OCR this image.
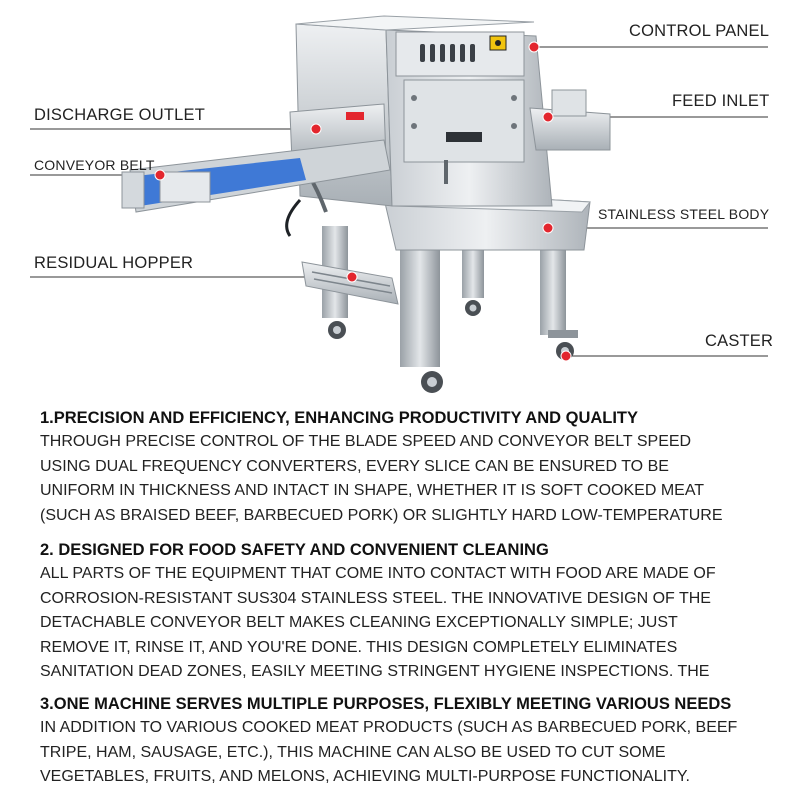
CONTROL PANEL
DISCHARGE OUTLET
FEED INLET
CONVEYOR BELT
STAINLESS STEEL BODY
RESIDUAL HOPPER
CASTER

1.PRECISION AND EFFICIENCY, ENHANCING PRODUCTIVITY AND QUALITY

THROUGH PRECISE CONTROL OF THE BLADE SPEED AND CONVEYOR BELT SPEED
USING DUAL FREQUENCY CONVERTERS, EVERY SLICE CAN BE ENSURED TO BE
UNIFORM IN THICKNESS AND INTACT IN SHAPE, WHETHER IT IS SOFT COOKED MEAT
(SUCH AS BRAISED BEEF, BARBECUED PORK) OR SLIGHTLY HARD LOW-TEMPERATURE

2. DESIGNED FOR FOOD SAFETY AND CONVENIENT CLEANING

ALL PARTS OF THE EQUIPMENT THAT COME INTO CONTACT WITH FOOD ARE MADE OF
CORROSION-RESISTANT SUS304 STAINLESS STEEL. THE INNOVATIVE DESIGN OF THE
DETACHABLE CONVEYOR BELT MAKES CLEANING EXCEPTIONALLY SIMPLE; JUST
REMOVE IT, RINSE IT, AND YOU'RE DONE. THIS DESIGN COMPLETELY ELIMINATES
SANITATION DEAD ZONES, EASILY MEETING STRINGENT HYGIENE INSPECTIONS. THE

3.ONE MACHINE SERVES MULTIPLE PURPOSES, FLEXIBLY MEETING VARIOUS NEEDS

IN ADDITION TO VARIOUS COOKED MEAT PRODUCTS (SUCH AS BARBECUED PORK, BEEF
TRIPE, HAM, SAUSAGE, ETC.), THIS MACHINE CAN ALSO BE USED TO CUT SOME
VEGETABLES, FRUITS, AND MELONS, ACHIEVING MULTI-PURPOSE FUNCTIONALITY.
